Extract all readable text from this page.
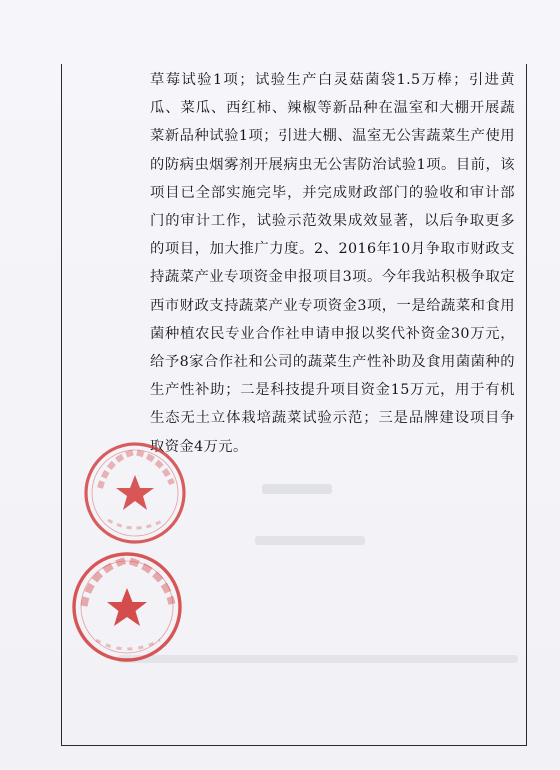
草莓试验1项；试验生产白灵菇菌袋1.5万棒；引进黄瓜、菜瓜、西红柿、辣椒等新品种在温室和大棚开展蔬菜新品种试验1项；引进大棚、温室无公害蔬菜生产使用的防病虫烟雾剂开展病虫无公害防治试验1项。目前，该项目已全部实施完毕，并完成财政部门的验收和审计部门的审计工作，试验示范效果成效显著，以后争取更多的项目，加大推广力度。2、2016年10月争取市财政支持蔬菜产业专项资金申报项目3项。今年我站积极争取定西市财政支持蔬菜产业专项资金3项，一是给蔬菜和食用菌种植农民专业合作社申请申报以奖代补资金30万元，给予8家合作社和公司的蔬菜生产性补助及食用菌菌种的生产性补助；二是科技提升项目资金15万元，用于有机生态无土立体栽培蔬菜试验示范；三是品牌建设项目争取资金4万元。
